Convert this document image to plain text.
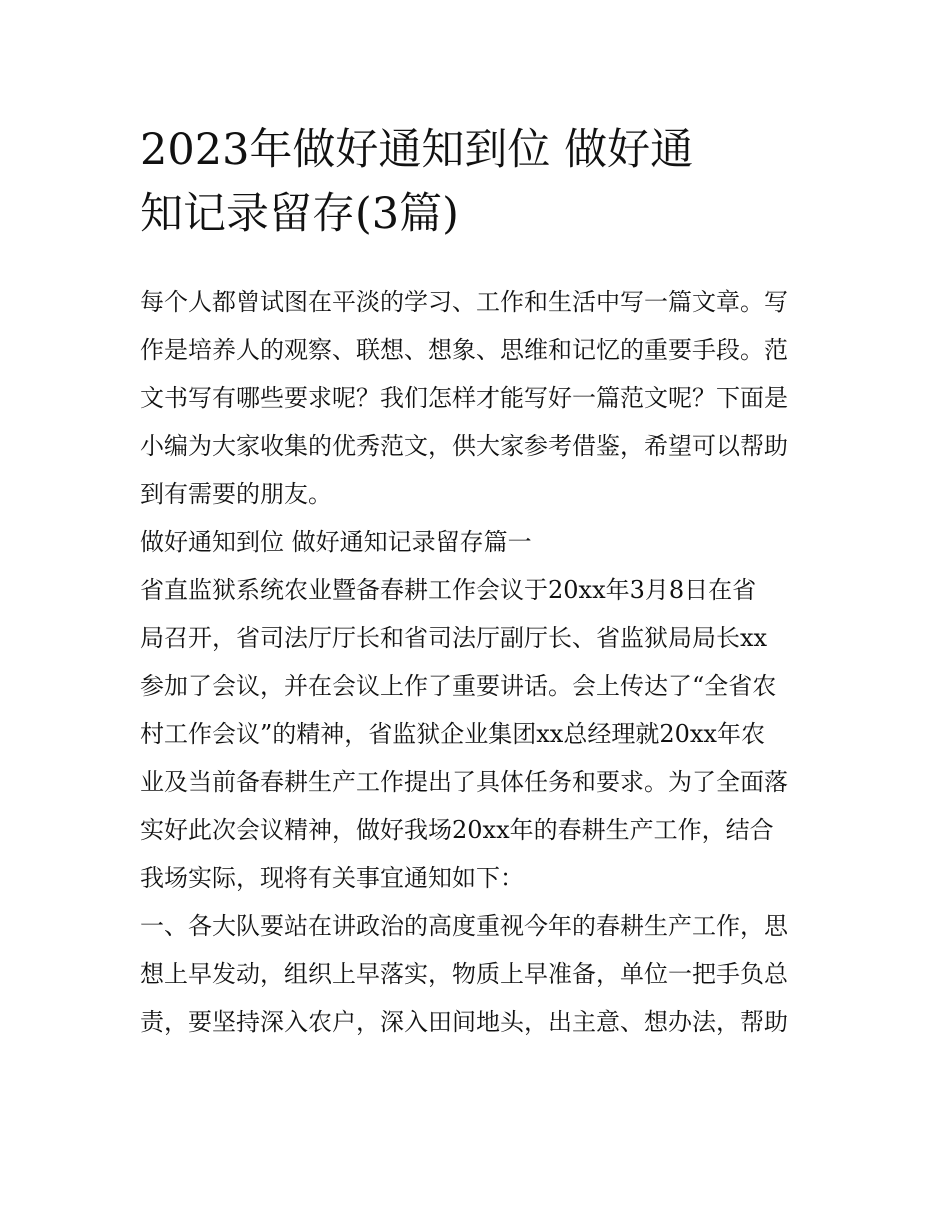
2023年做好通知到位 做好通
知记录留存(3篇)
每个人都曾试图在平淡的学习、工作和生活中写一篇文章。写
作是培养人的观察、联想、想象、思维和记忆的重要手段。范
文书写有哪些要求呢？我们怎样才能写好一篇范文呢？下面是
小编为大家收集的优秀范文，供大家参考借鉴，希望可以帮助
到有需要的朋友。
做好通知到位 做好通知记录留存篇一
省直监狱系统农业暨备春耕工作会议于20xx年3月8日在省
局召开，省司法厅厅长和省司法厅副厅长、省监狱局局长xx
参加了会议，并在会议上作了重要讲话。会上传达了“全省农
村工作会议”的精神，省监狱企业集团xx总经理就20xx年农
业及当前备春耕生产工作提出了具体任务和要求。为了全面落
实好此次会议精神，做好我场20xx年的春耕生产工作，结合
我场实际，现将有关事宜通知如下：
一、各大队要站在讲政治的高度重视今年的春耕生产工作，思
想上早发动，组织上早落实，物质上早准备，单位一把手负总
责，要坚持深入农户，深入田间地头，出主意、想办法，帮助
